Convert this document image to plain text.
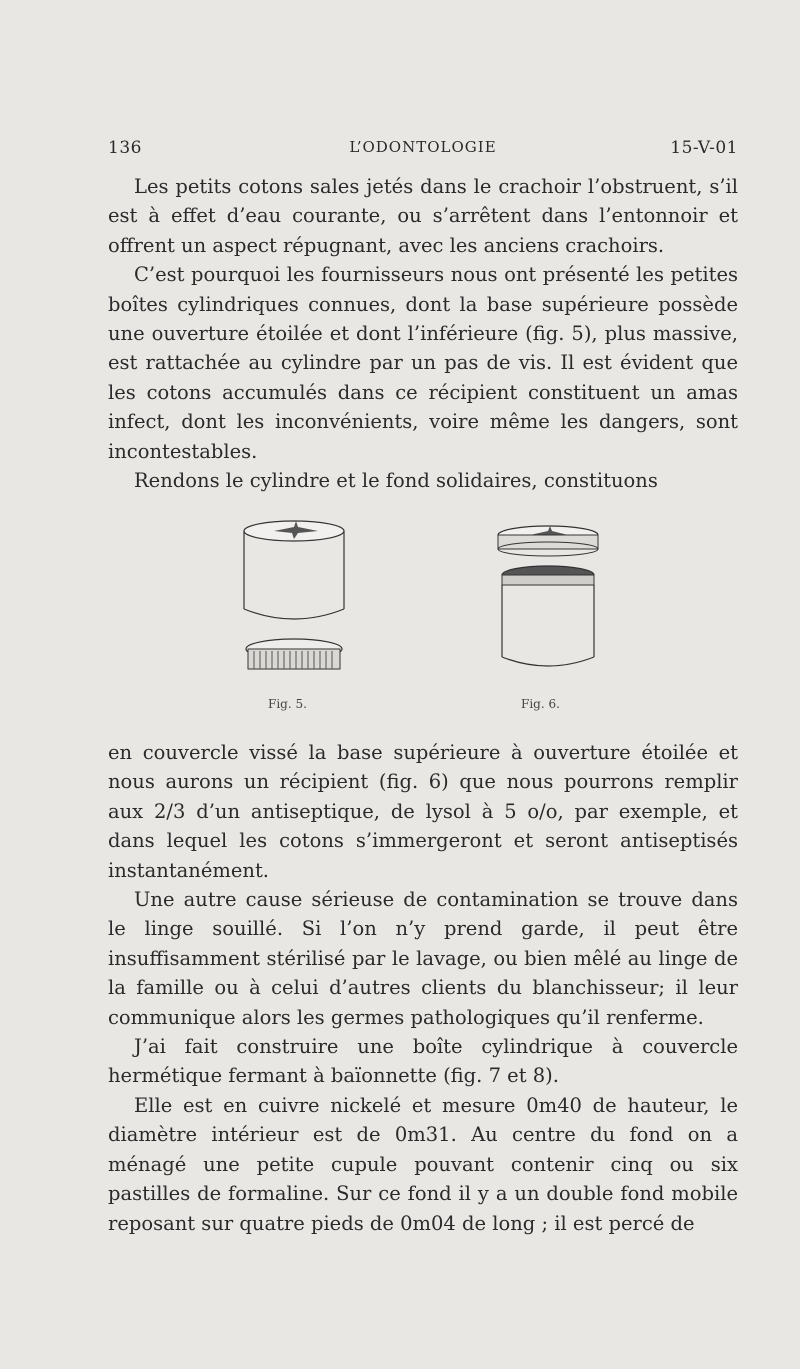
136	L’ODONTOLOGIE	15-V-01

Les petits cotons sales jetés dans le crachoir l’obstruent, s’il est à effet d’eau courante, ou s’arrêtent dans l’entonnoir et offrent un aspect répugnant, avec les anciens crachoirs.

C’est pourquoi les fournisseurs nous ont présenté les petites boîtes cylindriques connues, dont la base supérieure possède une ouverture étoilée et dont l’inférieure (fig. 5), plus massive, est rattachée au cylindre par un pas de vis. Il est évident que les cotons accumulés dans ce récipient constituent un amas infect, dont les inconvénients, voire même les dangers, sont incontestables.

Rendons le cylindre et le fond solidaires, constituons

Fig. 5.	Fig. 6.

en couvercle vissé la base supérieure à ouverture étoilée et nous aurons un récipient (fig. 6) que nous pourrons remplir aux 2/3 d’un antiseptique, de lysol à 5 o/o, par exemple, et dans lequel les cotons s’immergeront et seront antiseptisés instantanément.

Une autre cause sérieuse de contamination se trouve dans le linge souillé. Si l’on n’y prend garde, il peut être insuffisamment stérilisé par le lavage, ou bien mêlé au linge de la famille ou à celui d’autres clients du blanchisseur; il leur communique alors les germes pathologiques qu’il renferme.

J’ai fait construire une boîte cylindrique à couvercle hermétique fermant à baïonnette (fig. 7 et 8).

Elle est en cuivre nickelé et mesure 0m40 de hauteur, le diamètre intérieur est de 0m31. Au centre du fond on a ménagé une petite cupule pouvant contenir cinq ou six pastilles de formaline. Sur ce fond il y a un double fond mobile reposant sur quatre pieds de 0m04 de long ; il est percé de
